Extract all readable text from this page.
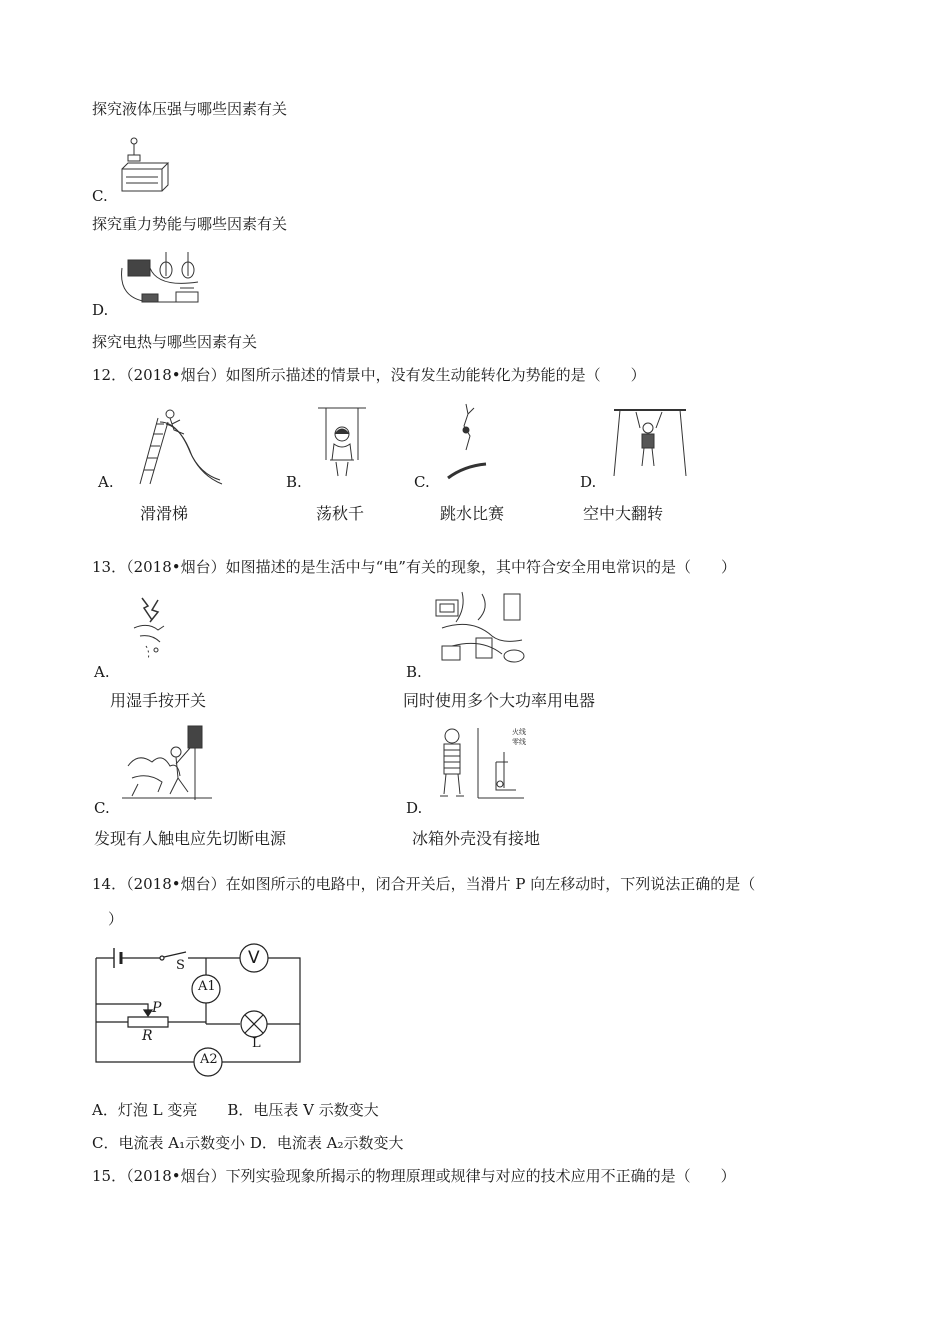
探究液体压强与哪些因素有关
C.
探究重力势能与哪些因素有关
D.
探究电热与哪些因素有关
12．（2018•烟台）如图所示描述的情景中，没有发生动能转化为势能的是（　　）
A.
滑滑梯
B.
荡秋千
C.
跳水比赛
D.
空中大翻转
13．（2018•烟台）如图描述的是生活中与“电”有关的现象，其中符合安全用电常识的是（　　）
A.
用湿手按开关
B.
同时使用多个大功率用电器
C.
发现有人触电应先切断电源
火线
零线
D.
冰箱外壳没有接地
14．（2018•烟台）在如图所示的电路中，闭合开关后，当滑片 P 向左移动时，下列说法正确的是（
）
V
S
A1
P
R	L
A2
A．灯泡 L 变亮　　B．电压表 V 示数变大
C．电流表 A₁示数变小 D．电流表 A₂示数变大
15．（2018•烟台）下列实验现象所揭示的物理原理或规律与对应的技术应用不正确的是（　　）
